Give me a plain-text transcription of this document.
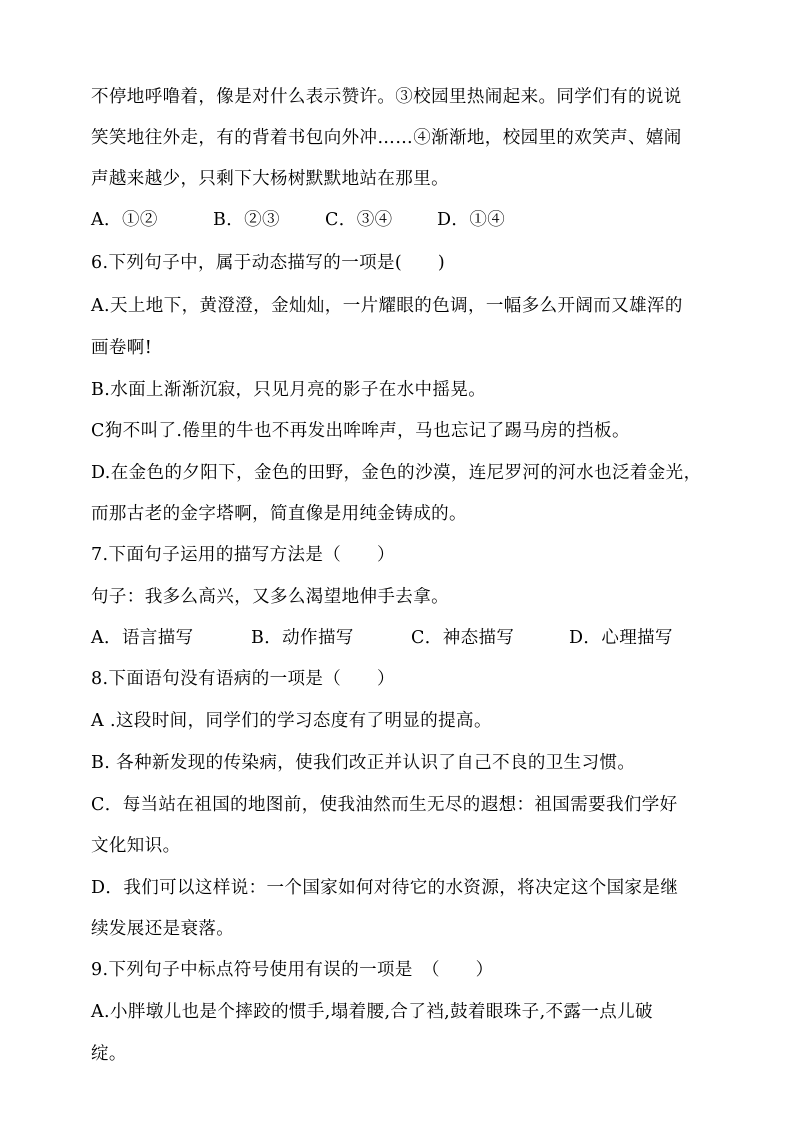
不停地呼噜着，像是对什么表示赞许。③校园里热闹起来。同学们有的说说
笑笑地往外走，有的背着书包向外冲……④渐渐地，校园里的欢笑声、嬉闹
声越来越少，只剩下大杨树默默地站在那里。
A．①②	B．②③	C．③④	D．①④
6.下列句子中，属于动态描写的一项是(　　)
A.天上地下，黄澄澄，金灿灿，一片耀眼的色调，一幅多么开阔而又雄浑的
画卷啊!
B.水面上渐渐沉寂，只见月亮的影子在水中摇晃。
C狗不叫了.倦里的牛也不再发出哞哞声，马也忘记了踢马房的挡板。
D.在金色的夕阳下，金色的田野，金色的沙漠，连尼罗河的河水也泛着金光，
而那古老的金字塔啊，简直像是用纯金铸成的。
7.下面句子运用的描写方法是（　　）
句子：我多么高兴，又多么渴望地伸手去拿。
A．语言描写	B．动作描写	C．神态描写	D．心理描写
8.下面语句没有语病的一项是（　　）
A .这段时间，同学们的学习态度有了明显的提高。
B. 各种新发现的传染病，使我们改正并认识了自己不良的卫生习惯。
C．每当站在祖国的地图前，使我油然而生无尽的遐想：祖国需要我们学好
文化知识。
D．我们可以这样说：一个国家如何对待它的水资源，将决定这个国家是继
续发展还是衰落。
9.下列句子中标点符号使用有误的一项是　（　　）
A.小胖墩儿也是个摔跤的惯手,塌着腰,合了裆,鼓着眼珠子,不露一点儿破
绽。
